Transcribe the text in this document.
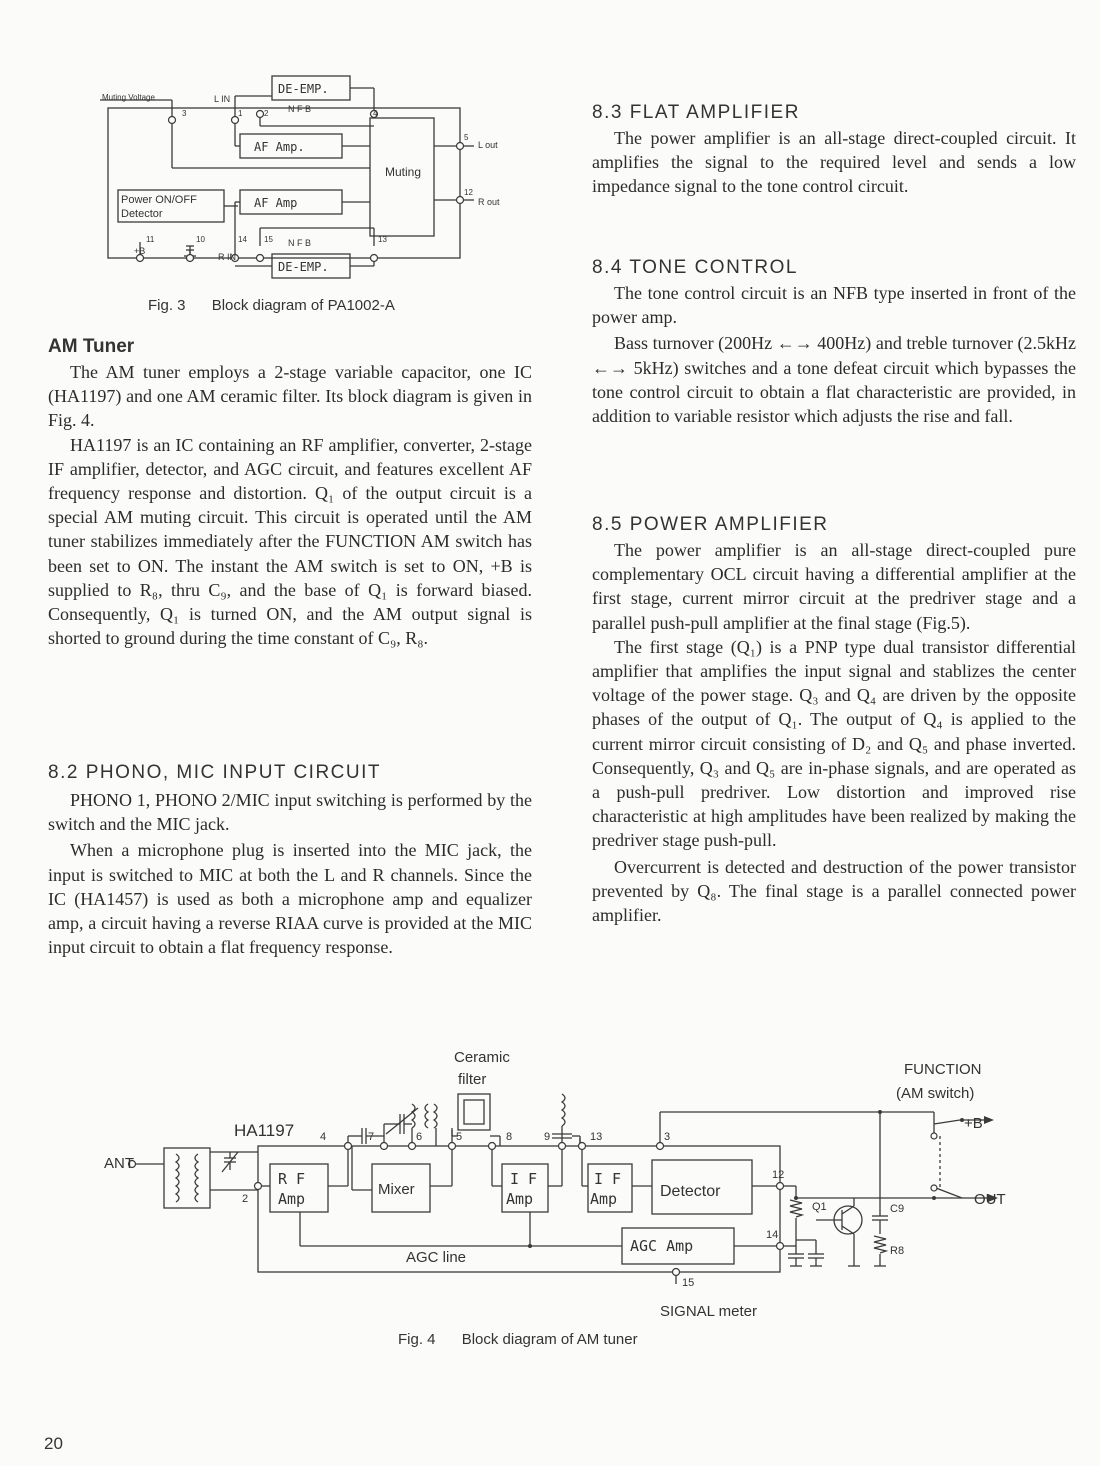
Muting Voltage	L IN
R IN
DE-EMP.
DE-EMP.
N F B
N F B
AF Amp.
AF Amp
Muting
Power ON/OFF
Detector
L out
R out
+B
3	1	2	4
5
12
11	10	14 15	13
Fig. 3 Block diagram of PA1002-A
AM Tuner

The AM tuner employs a 2-stage variable capacitor, one IC (HA1197) and one AM ceramic filter. Its block diagram is given in Fig. 4.

HA1197 is an IC containing an RF amplifier, converter, 2-stage IF amplifier, detector, and AGC circuit, and features excellent AF frequency response and distortion. Q₁ of the output circuit is a special AM muting circuit. This circuit is operated until the AM tuner stabilizes immediately after the FUNCTION AM switch has been set to ON. The instant the AM switch is set to ON, +B is supplied to R₈, thru C₉, and the base of Q₁ is forward biased. Consequently, Q₁ is turned ON, and the AM output signal is shorted to ground during the time constant of C₉, R₈.

8.2 PHONO, MIC INPUT CIRCUIT

PHONO 1, PHONO 2/MIC input switching is performed by the switch and the MIC jack.

When a microphone plug is inserted into the MIC jack, the input is switched to MIC at both the L and R channels. Since the IC (HA1457) is used as both a microphone amp and equalizer amp, a circuit having a reverse RIAA curve is provided at the MIC input circuit to obtain a flat frequency response.

8.3 FLAT AMPLIFIER

The power amplifier is an all-stage direct-coupled circuit. It amplifies the signal to the required level and sends a low impedance signal to the tone control circuit.

8.4 TONE CONTROL

The tone control circuit is an NFB type inserted in front of the power amp.

Bass turnover (200Hz ←→ 400Hz) and treble turnover (2.5kHz ←→ 5kHz) switches and a tone defeat circuit which bypasses the tone control circuit to obtain a flat characteristic are provided, in addition to variable resistor which adjusts the rise and fall.

8.5 POWER AMPLIFIER

The power amplifier is an all-stage direct-coupled pure complementary OCL circuit having a differential amplifier at the first stage, current mirror circuit at the predriver stage and a parallel push-pull amplifier at the final stage (Fig.5).

The first stage (Q₁) is a PNP type dual transistor differential amplifier that amplifies the input signal and stablizes the center voltage of the power stage. Q₃ and Q₄ are driven by the opposite phases of the output of Q₁. The output of Q₄ is applied to the current mirror circuit consisting of D₂ and Q₅ and phase inverted. Consequently, Q₃ and Q₅ are in-phase signals, and are operated as a push-pull predriver. Low distortion and improved rise characteristic at high amplitudes have been realized by making the predriver stage push-pull.

Overcurrent is detected and destruction of the power transistor prevented by Q₈. The final stage is a parallel connected power amplifier.

Ceramic
filter
FUNCTION
(AM switch)
HA1197
ANT
R F
Amp
Mixer
I F
Amp
I F
Amp	Detector
AGC Amp
AGC line
+B
OUT
Q1	C9
R8
SIGNAL meter
4	7	6	5	8	9	13	3
2
12
14
15
Fig. 4 Block diagram of AM tuner
20
